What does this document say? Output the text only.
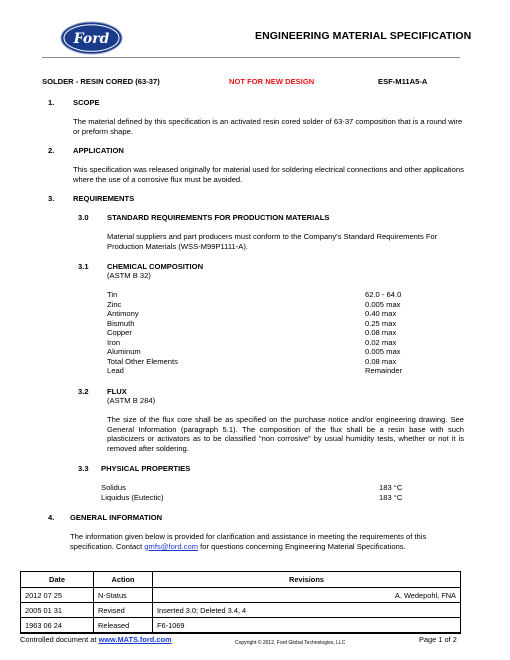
Ford	ENGINEERING MATERIAL SPECIFICATION
SOLDER - RESIN CORED (63-37)	NOT FOR NEW DESIGN	ESF-M11A5-A
1. SCOPE
The material defined by this specification is an activated resin cored solder of 63-37 composition that is a round wire or preform shape.
2. APPLICATION
This specification was released originally for material used for soldering electrical connections and other applications where the use of a corrosive flux must be avoided.
3. REQUIREMENTS
3.0 STANDARD REQUIREMENTS FOR PRODUCTION MATERIALS
Material suppliers and part producers must conform to the Company's Standard Requirements For Production Materials (WSS-M99P1111-A).
3.1 CHEMICAL COMPOSITION
(ASTM B 32)
Tin	62.0 - 64.0
Zinc	0.005 max
Antimony	0.40 max
Bismuth	0.25 max
Copper	0.08 max
Iron	0.02 max
Aluminum	0.005 max
Total Other Elements	0.08 max
Lead	Remainder
3.2 FLUX
(ASTM B 284)
The size of the flux core shall be as specified on the purchase notice and/or engineering drawing. See General Information (paragraph 5.1). The composition of the flux shall be a resin base with such plasticizers or activators as to be classified "non corrosive" by usual humidity tests, whether or not it is removed after soldering.
3.3 PHYSICAL PROPERTIES
Solidus	183 °C
Liquidus (Eutectic)	183 °C
4. GENERAL INFORMATION
The information given below is provided for clarification and assistance in meeting the requirements of this specification. Contact gmfs@ford.com for questions concerning Engineering Material Specifications.
Date	Action	Revisions	
2012 07 25	N-Status		A. Wedepohl, FNA
2005 01 31	Revised	Inserted 3.0; Deleted 3.4, 4	
1963 06 24	Released	F6-1069	
Controlled document at www.MATS.ford.com	Copyright © 2012, Ford Global Technologies, LLC	Page 1 of 2
